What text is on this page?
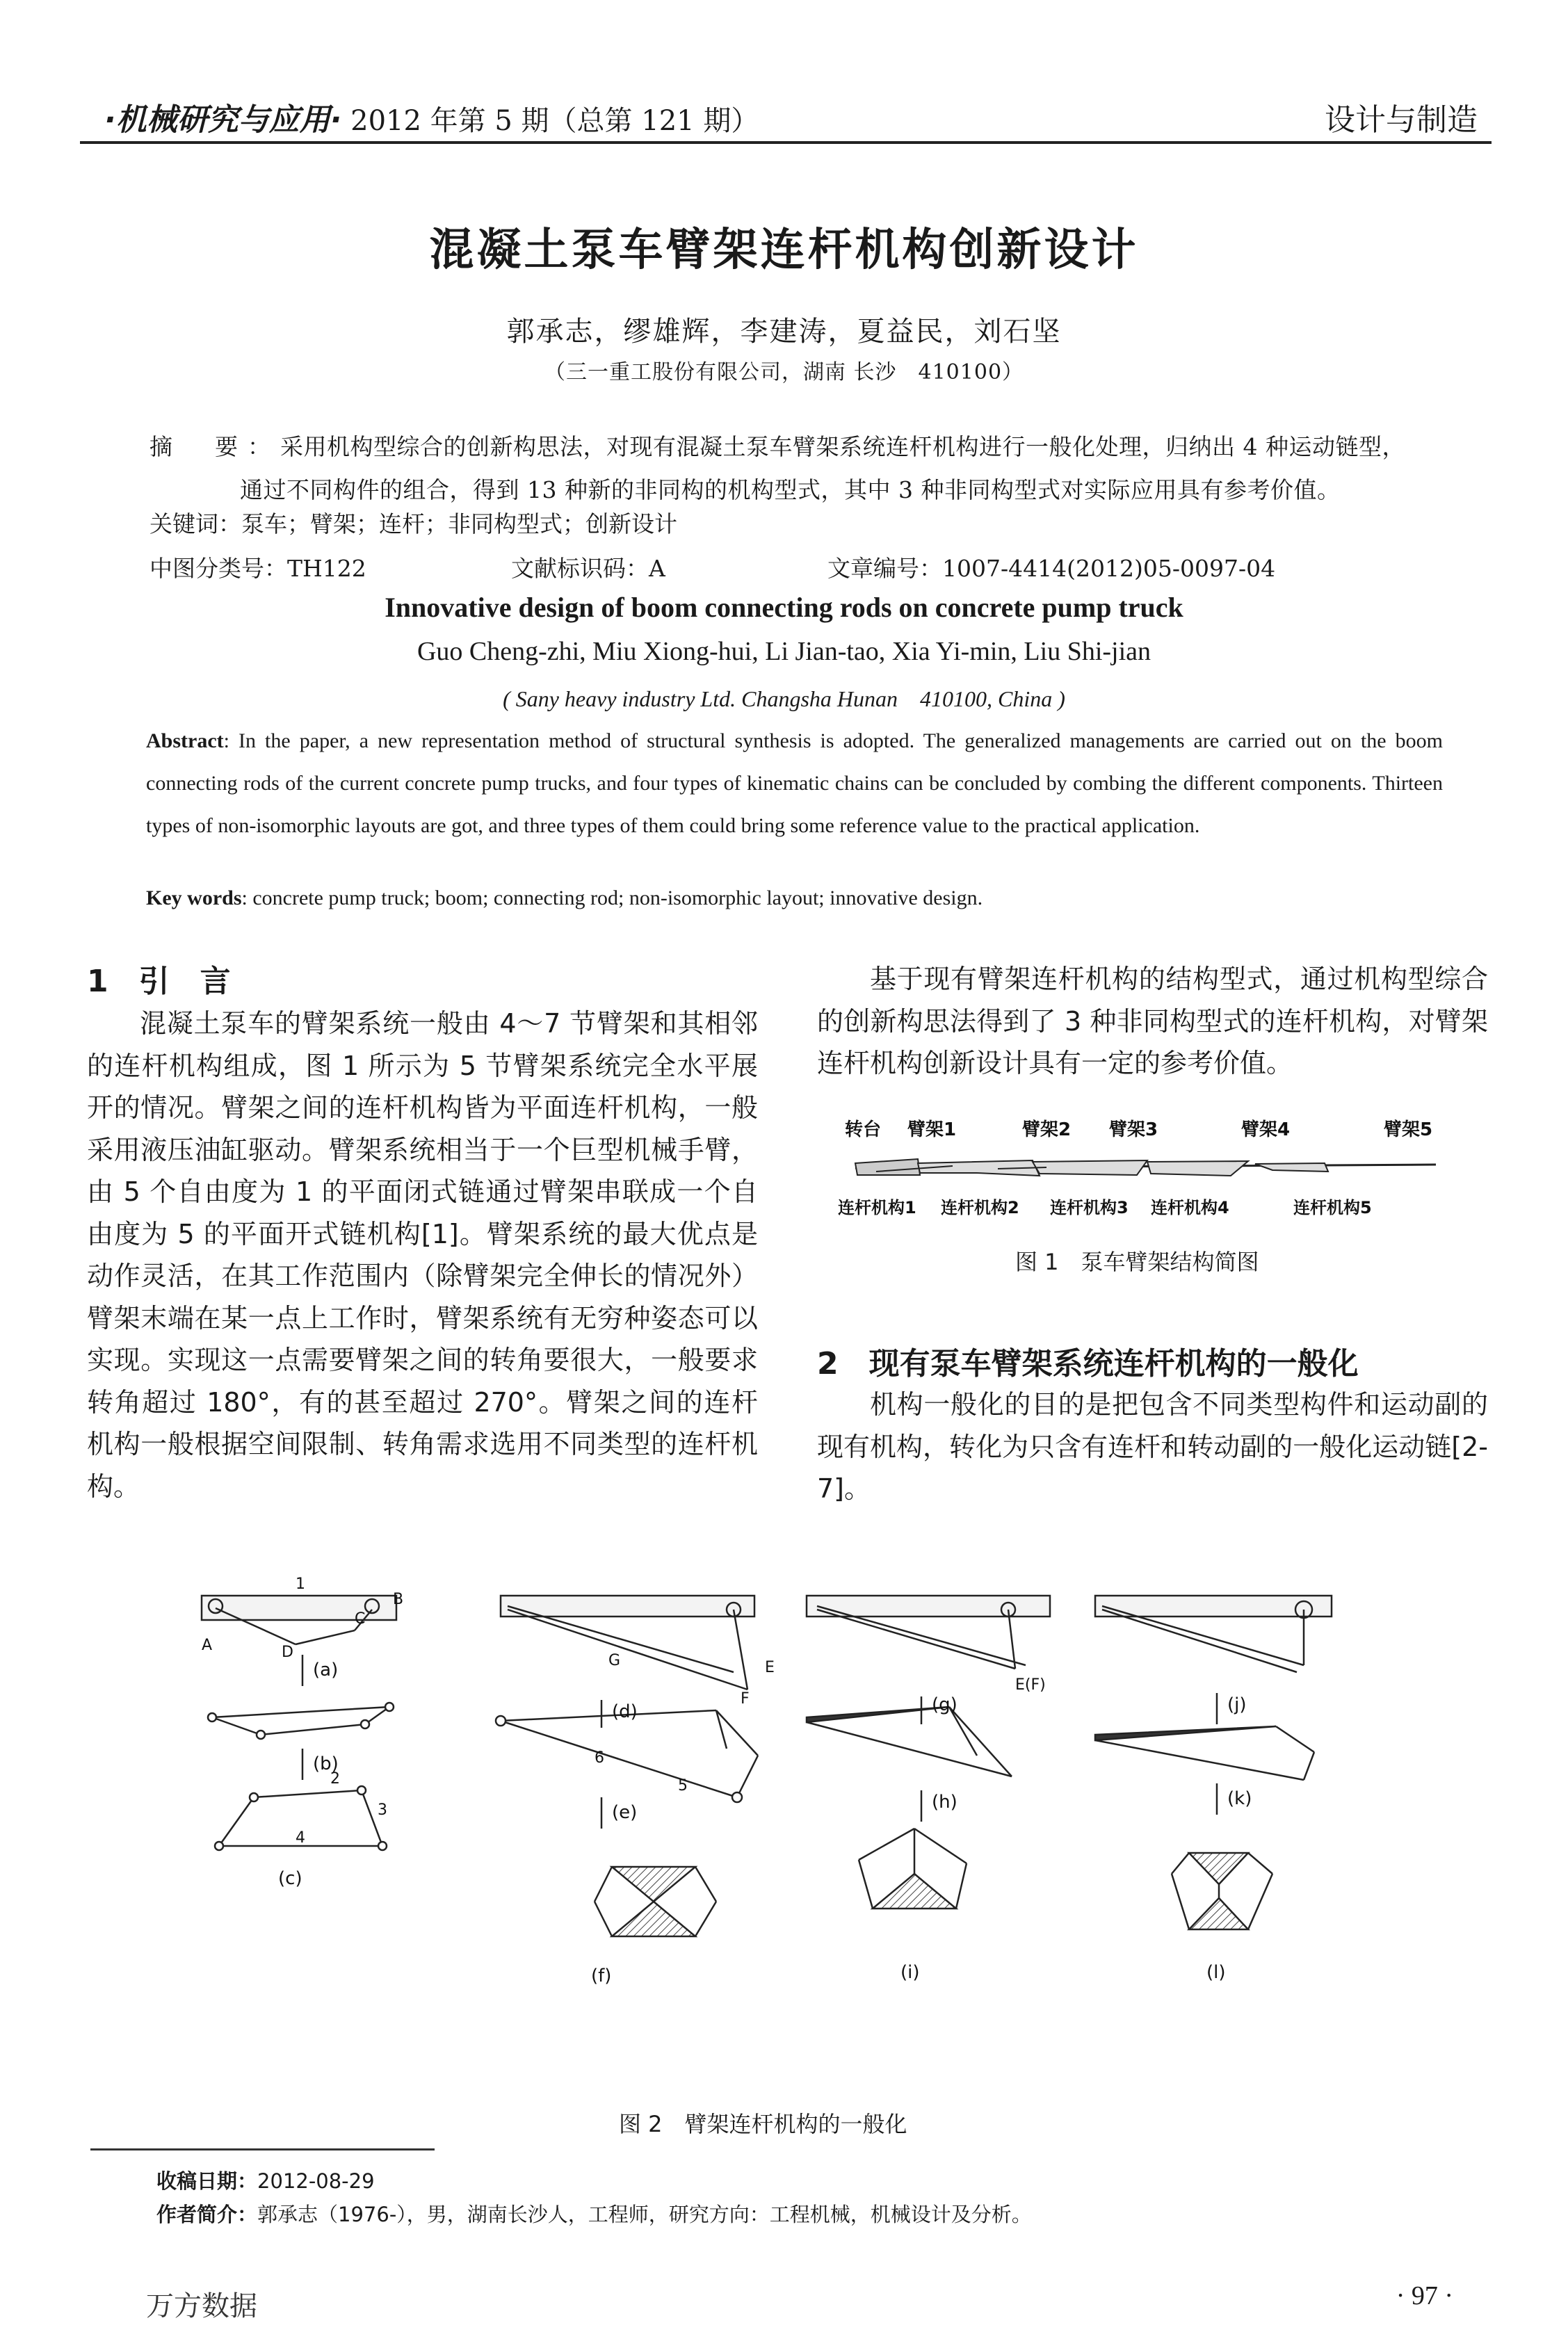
·机械研究与应用· 2012 年第 5 期（总第 121 期）	设计与制造
混凝土泵车臂架连杆机构创新设计
郭承志，缪雄辉，李建涛，夏益民，刘石坚
（三一重工股份有限公司，湖南 长沙　410100）
摘　要：采用机构型综合的创新构思法，对现有混凝土泵车臂架系统连杆机构进行一般化处理，归纳出 4 种运动链型，
通过不同构件的组合，得到 13 种新的非同构的机构型式，其中 3 种非同构型式对实际应用具有参考价值。
关键词：泵车；臂架；连杆；非同构型式；创新设计
中图分类号：TH122	文献标识码：A	文章编号：1007-4414(2012)05-0097-04
Innovative design of boom connecting rods on concrete pump truck
Guo Cheng-zhi, Miu Xiong-hui, Li Jian-tao, Xia Yi-min, Liu Shi-jian
( Sany heavy industry Ltd. Changsha Hunan　410100, China )
Abstract: In the paper, a new representation method of structural synthesis is adopted. The generalized managements are carried out on the boom connecting rods of the current concrete pump trucks, and four types of kinematic chains can be concluded by combing the different components. Thirteen types of non-isomorphic layouts are got, and three types of them could bring some reference value to the practical application.
Key words: concrete pump truck; boom; connecting rod; non-isomorphic layout; innovative design.
1　引　言
混凝土泵车的臂架系统一般由 4～7 节臂架和其相邻的连杆机构组成，图 1 所示为 5 节臂架系统完全水平展开的情况。臂架之间的连杆机构皆为平面连杆机构，一般采用液压油缸驱动。臂架系统相当于一个巨型机械手臂，由 5 个自由度为 1 的平面闭式链通过臂架串联成一个自由度为 5 的平面开式链机构[1]。臂架系统的最大优点是动作灵活，在其工作范围内（除臂架完全伸长的情况外）臂架末端在某一点上工作时，臂架系统有无穷种姿态可以实现。实现这一点需要臂架之间的转角要很大，一般要求转角超过 180°，有的甚至超过 270°。臂架之间的连杆机构一般根据空间限制、转角需求选用不同类型的连杆机构。
基于现有臂架连杆机构的结构型式，通过机构型综合的创新构思法得到了 3 种非同构型式的连杆机构，对臂架连杆机构创新设计具有一定的参考价值。
转台 臂架1	臂架2 臂架3	臂架4	臂架5
连杆机构1 连杆机构2 连杆机构3 连杆机构4	连杆机构5
图 1　泵车臂架结构简图
2　现有泵车臂架系统连杆机构的一般化
机构一般化的目的是把包含不同类型构件和运动副的现有机构，转化为只含有连杆和转动副的一般化运动链[2-7]。
(a)
(b)
(c)
(d)
(e)
(f)
(g)
(h)
(i)
(j)
(k)
(l)
A
B
C
D
E
F
G
E(F)
1
2
3
4
5
6
图 2　臂架连杆机构的一般化
收稿日期：2012-08-29
作者简介：郭承志（1976-），男，湖南长沙人，工程师，研究方向：工程机械，机械设计及分析。
万方数据	· 97 ·
